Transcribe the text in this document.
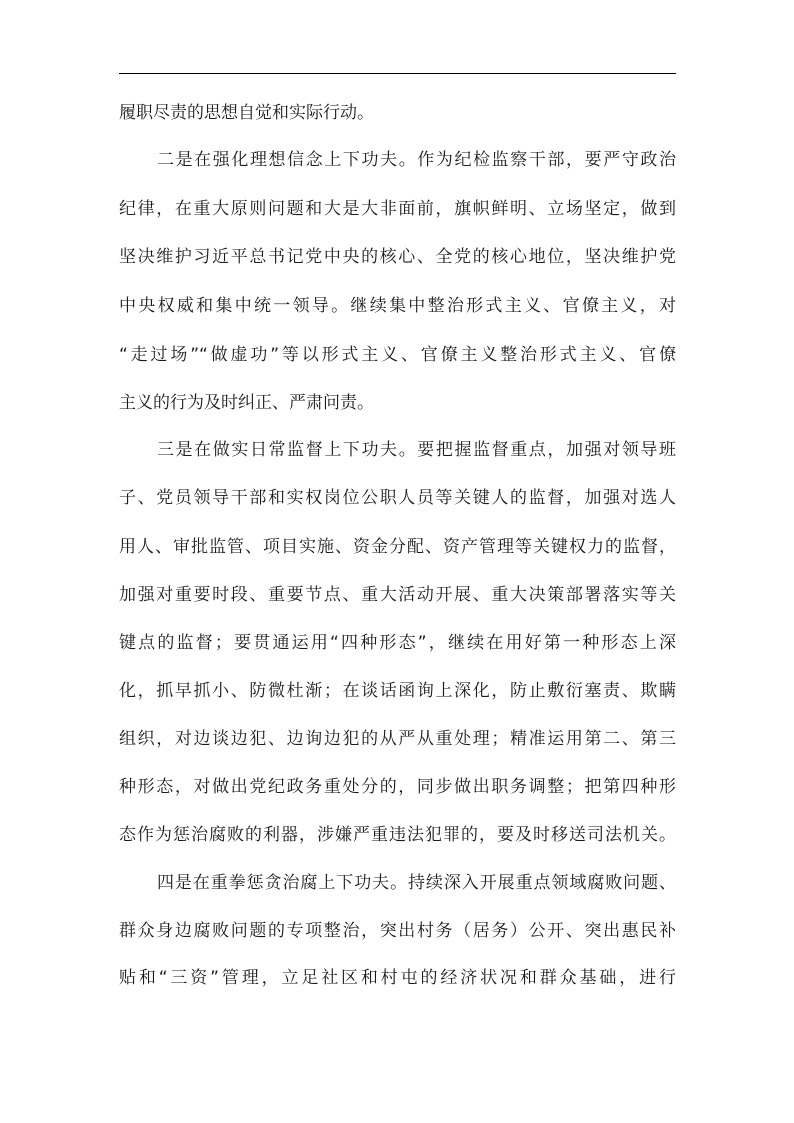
履职尽责的思想自觉和实际行动。
二是在强化理想信念上下功夫。作为纪检监察干部，要严守政治
纪律，在重大原则问题和大是大非面前，旗帜鲜明、立场坚定，做到
坚决维护习近平总书记党中央的核心、全党的核心地位，坚决维护党
中央权威和集中统一领导。继续集中整治形式主义、官僚主义，对
“走过场”“做虚功”等以形式主义、官僚主义整治形式主义、官僚
主义的行为及时纠正、严肃问责。
三是在做实日常监督上下功夫。要把握监督重点，加强对领导班
子、党员领导干部和实权岗位公职人员等关键人的监督，加强对选人
用人、审批监管、项目实施、资金分配、资产管理等关键权力的监督，
加强对重要时段、重要节点、重大活动开展、重大决策部署落实等关
键点的监督；要贯通运用“四种形态”，继续在用好第一种形态上深
化，抓早抓小、防微杜渐；在谈话函询上深化，防止敷衍塞责、欺瞒
组织，对边谈边犯、边询边犯的从严从重处理；精准运用第二、第三
种形态，对做出党纪政务重处分的，同步做出职务调整；把第四种形
态作为惩治腐败的利器，涉嫌严重违法犯罪的，要及时移送司法机关。
四是在重拳惩贪治腐上下功夫。持续深入开展重点领域腐败问题、
群众身边腐败问题的专项整治，突出村务（居务）公开、突出惠民补
贴和“三资”管理，立足社区和村屯的经济状况和群众基础，进行
